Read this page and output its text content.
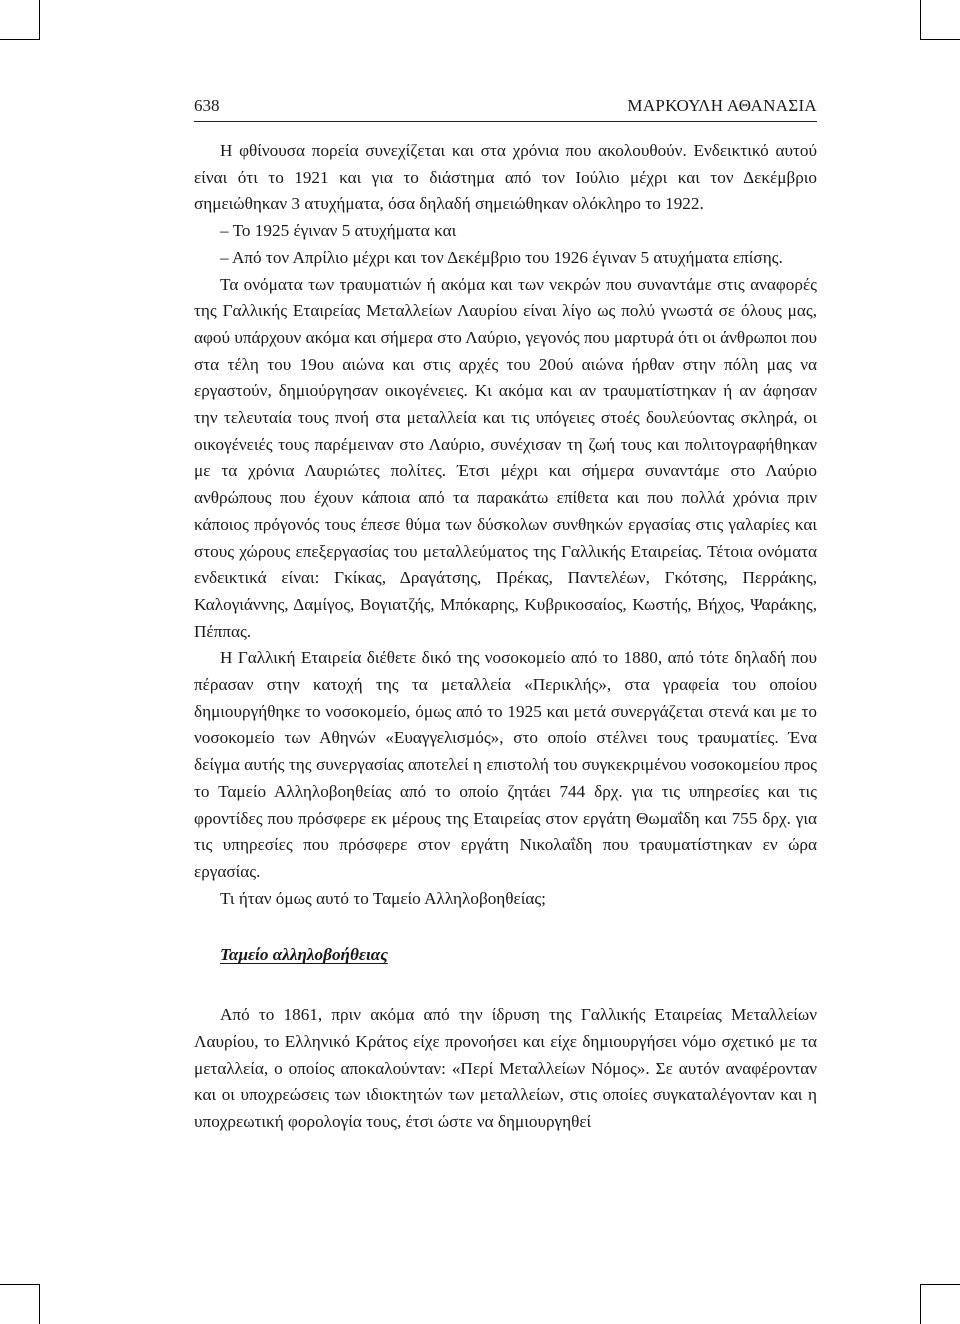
638	ΜΑΡΚΟΥΛΗ ΑΘΑΝΑΣΙΑ

Η φθίνουσα πορεία συνεχίζεται και στα χρόνια που ακολουθούν. Ενδεικτικό αυτού είναι ότι το 1921 και για το διάστημα από τον Ιούλιο μέχρι και τον Δεκέμβριο σημειώθηκαν 3 ατυχήματα, όσα δηλαδή σημειώθηκαν ολόκληρο το 1922.

– Το 1925 έγιναν 5 ατυχήματα και

– Από τον Απρίλιο μέχρι και τον Δεκέμβριο του 1926 έγιναν 5 ατυχήματα επίσης.

Τα ονόματα των τραυματιών ή ακόμα και των νεκρών που συναντάμε στις αναφορές της Γαλλικής Εταιρείας Μεταλλείων Λαυρίου είναι λίγο ως πολύ γνωστά σε όλους μας, αφού υπάρχουν ακόμα και σήμερα στο Λαύριο, γεγονός που μαρτυρά ότι οι άνθρωποι που στα τέλη του 19ου αιώνα και στις αρχές του 20ού αιώνα ήρθαν στην πόλη μας να εργαστούν, δημιούργησαν οικογένειες. Κι ακόμα και αν τραυματίστηκαν ή αν άφησαν την τελευταία τους πνοή στα μεταλλεία και τις υπόγειες στοές δουλεύοντας σκληρά, οι οικογένειές τους παρέμειναν στο Λαύριο, συνέχισαν τη ζωή τους και πολιτογραφήθηκαν με τα χρόνια Λαυριώτες πολίτες. Έτσι μέχρι και σήμερα συναντάμε στο Λαύριο ανθρώπους που έχουν κάποια από τα παρακάτω επίθετα και που πολλά χρόνια πριν κάποιος πρόγονός τους έπεσε θύμα των δύσκολων συνθηκών εργασίας στις γαλαρίες και στους χώρους επεξεργασίας του μεταλλεύματος της Γαλλικής Εταιρείας. Τέτοια ονόματα ενδεικτικά είναι: Γκίκας, Δραγάτσης, Πρέκας, Παντελέων, Γκότσης, Περράκης, Καλογιάννης, Δαμίγος, Βογιατζής, Μπόκαρης, Κυβρικοσαίος, Κωστής, Βήχος, Ψαράκης, Πέππας.

Η Γαλλική Εταιρεία διέθετε δικό της νοσοκομείο από το 1880, από τότε δηλαδή που πέρασαν στην κατοχή της τα μεταλλεία «Περικλής», στα γραφεία του οποίου δημιουργήθηκε το νοσοκομείο, όμως από το 1925 και μετά συνεργάζεται στενά και με το νοσοκομείο των Αθηνών «Ευαγγελισμός», στο οποίο στέλνει τους τραυματίες. Ένα δείγμα αυτής της συνεργασίας αποτελεί η επιστολή του συγκεκριμένου νοσοκομείου προς το Ταμείο Αλληλοβοηθείας από το οποίο ζητάει 744 δρχ. για τις υπηρεσίες και τις φροντίδες που πρόσφερε εκ μέρους της Εταιρείας στον εργάτη Θωμαΐδη και 755 δρχ. για τις υπηρεσίες που πρόσφερε στον εργάτη Νικολαΐδη που τραυματίστηκαν εν ώρα εργασίας.

Τι ήταν όμως αυτό το Ταμείο Αλληλοβοηθείας;

Ταμείο αλληλοβοήθειας

Από το 1861, πριν ακόμα από την ίδρυση της Γαλλικής Εταιρείας Μεταλλείων Λαυρίου, το Ελληνικό Κράτος είχε προνοήσει και είχε δημιουργήσει νόμο σχετικό με τα μεταλλεία, ο οποίος αποκαλούνταν: «Περί Μεταλλείων Νόμος». Σε αυτόν αναφέρονταν και οι υποχρεώσεις των ιδιοκτητών των μεταλλείων, στις οποίες συγκαταλέγονταν και η υποχρεωτική φορολογία τους, έτσι ώστε να δημιουργηθεί
